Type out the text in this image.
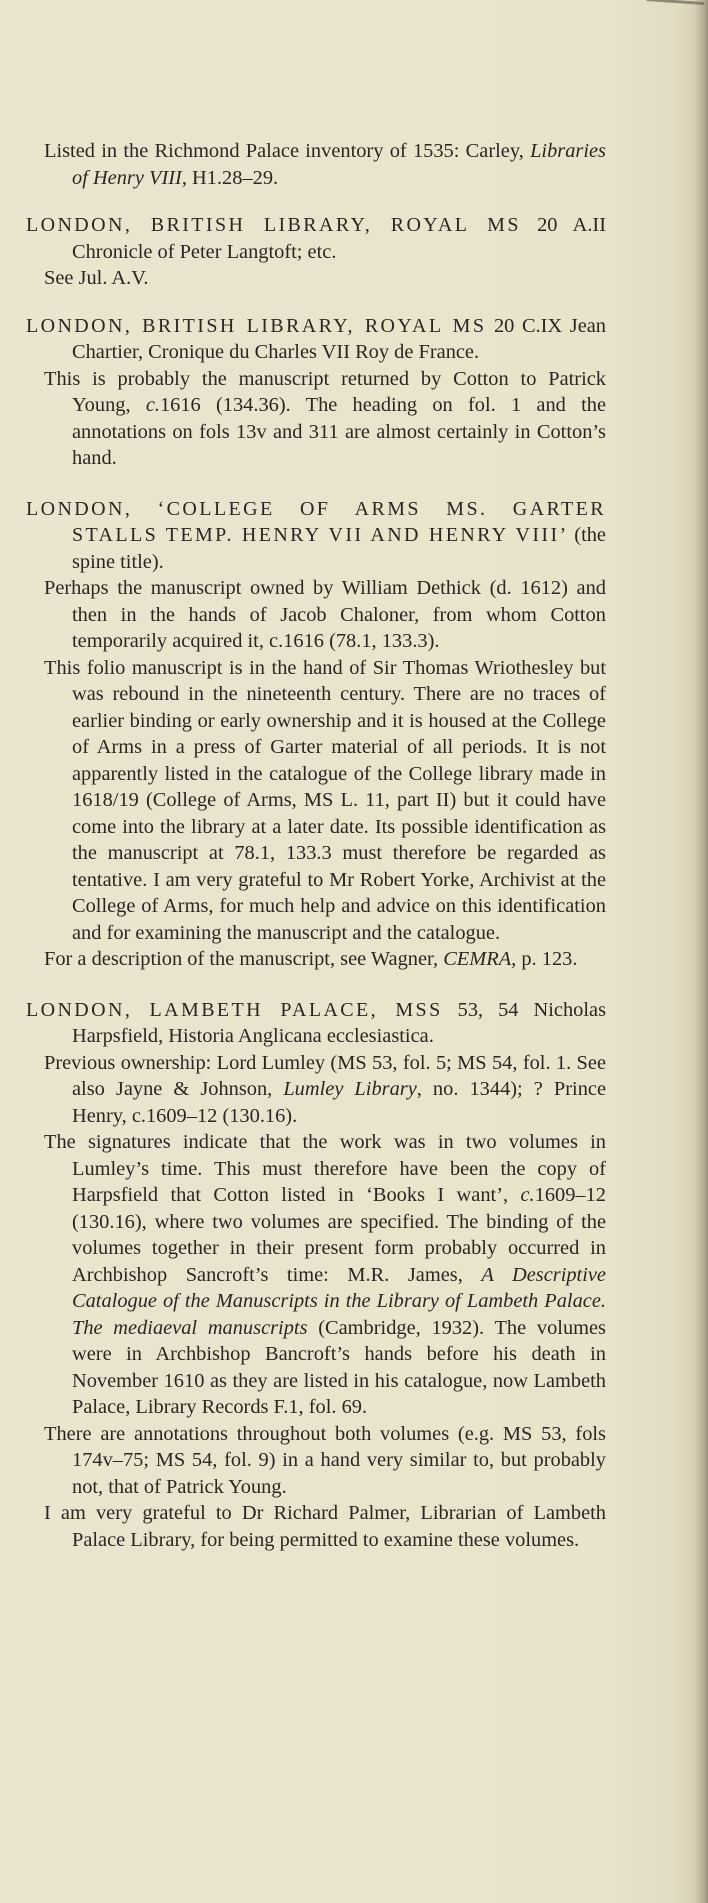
Listed in the Richmond Palace inventory of 1535: Carley, Libraries of Henry VIII, H1.28–29.

LONDON, BRITISH LIBRARY, ROYAL MS 20 A.II Chronicle of Peter Langtoft; etc.

See Jul. A.V.

LONDON, BRITISH LIBRARY, ROYAL MS 20 C.IX Jean Chartier, Cronique du Charles VII Roy de France.

This is probably the manuscript returned by Cotton to Patrick Young, c.1616 (134.36). The heading on fol. 1 and the annotations on fols 13v and 311 are almost certainly in Cotton’s hand.

LONDON, ‘COLLEGE OF ARMS MS. GARTER STALLS TEMP. HENRY VII AND HENRY VIII’ (the spine title).

Perhaps the manuscript owned by William Dethick (d. 1612) and then in the hands of Jacob Chaloner, from whom Cotton temporarily acquired it, c.1616 (78.1, 133.3).

This folio manuscript is in the hand of Sir Thomas Wriothesley but was rebound in the nineteenth century. There are no traces of earlier binding or early ownership and it is housed at the College of Arms in a press of Garter material of all periods. It is not apparently listed in the catalogue of the College library made in 1618/19 (College of Arms, MS L. 11, part II) but it could have come into the library at a later date. Its possible identification as the manuscript at 78.1, 133.3 must therefore be regarded as tentative. I am very grateful to Mr Robert Yorke, Archivist at the College of Arms, for much help and advice on this identification and for examining the manuscript and the catalogue.

For a description of the manuscript, see Wagner, CEMRA, p. 123.

LONDON, LAMBETH PALACE, MSS 53, 54 Nicholas Harpsfield, Historia Anglicana ecclesiastica.

Previous ownership: Lord Lumley (MS 53, fol. 5; MS 54, fol. 1. See also Jayne & Johnson, Lumley Library, no. 1344); ? Prince Henry, c.1609–12 (130.16).

The signatures indicate that the work was in two volumes in Lumley’s time. This must therefore have been the copy of Harpsfield that Cotton listed in ‘Books I want’, c.1609–12 (130.16), where two volumes are specified. The binding of the volumes together in their present form probably occurred in Archbishop Sancroft’s time: M.R. James, A Descriptive Catalogue of the Manuscripts in the Library of Lambeth Palace. The mediaeval manuscripts (Cambridge, 1932). The volumes were in Archbishop Bancroft’s hands before his death in November 1610 as they are listed in his catalogue, now Lambeth Palace, Library Records F.1, fol. 69.

There are annotations throughout both volumes (e.g. MS 53, fols 174v–75; MS 54, fol. 9) in a hand very similar to, but probably not, that of Patrick Young.

I am very grateful to Dr Richard Palmer, Librarian of Lambeth Palace Library, for being permitted to examine these volumes.
